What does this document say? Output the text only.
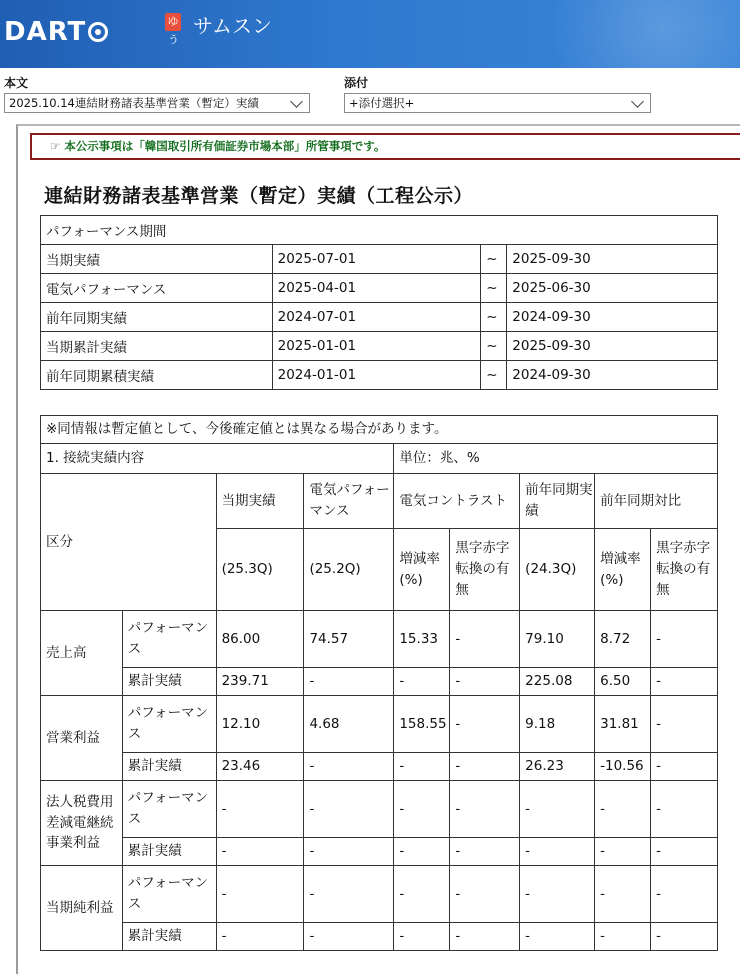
DART	ゆ
う
サムスン
本文
2025.10.14連結財務諸表基準営業（暫定）実績
添付
+添付選択+
☞ 本公示事項は「韓国取引所有価証券市場本部」所管事項です。
連結財務諸表基準営業（暫定）実績（工程公示）
パフォーマンス期間			
当期実績	2025-07-01	~	2025-09-30
電気パフォーマンス	2025-04-01	~	2025-06-30
前年同期実績	2024-07-01	~	2024-09-30
当期累計実績	2025-01-01	~	2025-09-30
前年同期累積実績	2024-01-01	~	2024-09-30
※同情報は暫定値として、今後確定値とは異なる場合があります。								
1. 接続実績内容				単位：兆、%				
区分		当期実績	電気パフォーマンス	電気コントラスト		前年同期実績	前年同期対比	
		(25.3Q)	(25.2Q)	増減率(%)	黒字赤字転換の有無	(24.3Q)	増減率(%)	黒字赤字転換の有無
売上高	パフォーマンス	86.00	74.57	15.33	-	79.10	8.72	-
	累計実績	239.71	-	-	-	225.08	6.50	-
営業利益	パフォーマンス	12.10	4.68	158.55	-	9.18	31.81	-
	累計実績	23.46	-	-	-	26.23	-10.56	-
法人税費用差減電継続事業利益	パフォーマンス	-	-	-	-	-	-	-
	累計実績	-	-	-	-	-	-	-
当期純利益	パフォーマンス	-	-	-	-	-	-	-
	累計実績	-	-	-	-	-	-	-
